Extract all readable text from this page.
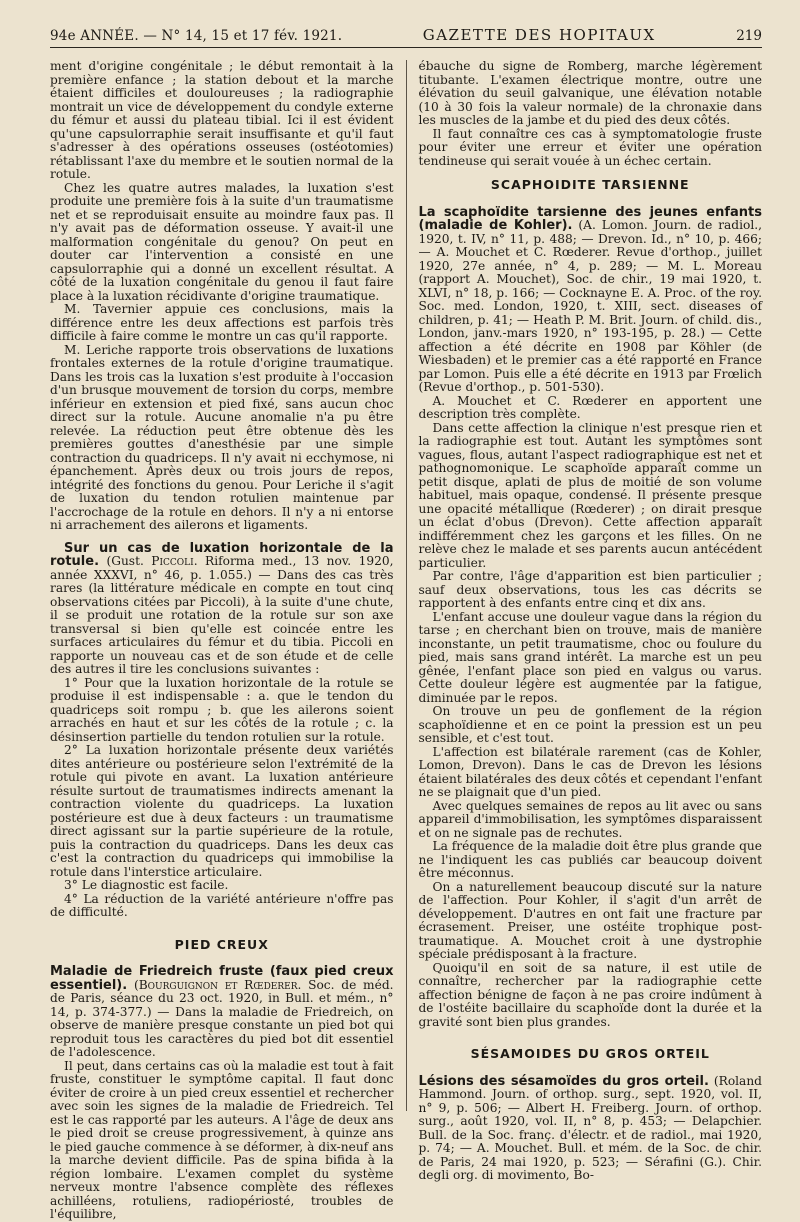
94e ANNÉE. — N° 14, 15 et 17 fév. 1921.	GAZETTE DES HOPITAUX	219

ment d'origine congénitale ; le début remontait à la première enfance ; la station debout et la marche étaient difficiles et douloureuses ; la radiographie montrait un vice de développement du condyle externe du fémur et aussi du plateau tibial. Ici il est évident qu'une capsulorraphie serait insuffisante et qu'il faut s'adresser à des opérations osseuses (ostéotomies) rétablissant l'axe du membre et le soutien normal de la rotule.

Chez les quatre autres malades, la luxation s'est produite une première fois à la suite d'un traumatisme net et se reproduisait ensuite au moindre faux pas. Il n'y avait pas de déformation osseuse. Y avait-il une malformation congénitale du genou? On peut en douter car l'intervention a consisté en une capsulorraphie qui a donné un excellent résultat. A côté de la luxation congénitale du genou il faut faire place à la luxation récidivante d'origine traumatique.

M. Tavernier appuie ces conclusions, mais la différence entre les deux affections est parfois très difficile à faire comme le montre un cas qu'il rapporte.

M. Leriche rapporte trois observations de luxations frontales externes de la rotule d'origine traumatique. Dans les trois cas la luxation s'est produite à l'occasion d'un brusque mouvement de torsion du corps, membre inférieur en extension et pied fixé, sans aucun choc direct sur la rotule. Aucune anomalie n'a pu être relevée. La réduction peut être obtenue dès les premières gouttes d'anesthésie par une simple contraction du quadriceps. Il n'y avait ni ecchymose, ni épanchement. Après deux ou trois jours de repos, intégrité des fonctions du genou. Pour Leriche il s'agit de luxation du tendon rotulien maintenue par l'accrochage de la rotule en dehors. Il n'y a ni entorse ni arrachement des ailerons et ligaments.

Sur un cas de luxation horizontale de la rotule. (Gust. Piccoli. Riforma med., 13 nov. 1920, année XXXVI, n° 46, p. 1.055.) — Dans des cas très rares (la littérature médicale en compte en tout cinq observations citées par Piccoli), à la suite d'une chute, il se produit une rotation de la rotule sur son axe transversal si bien qu'elle est coincée entre les surfaces articulaires du fémur et du tibia. Piccoli en rapporte un nouveau cas et de son étude et de celle des autres il tire les conclusions suivantes :

1° Pour que la luxation horizontale de la rotule se produise il est indispensable : a. que le tendon du quadriceps soit rompu ; b. que les ailerons soient arrachés en haut et sur les côtés de la rotule ; c. la désinsertion partielle du tendon rotulien sur la rotule.

2° La luxation horizontale présente deux variétés dites antérieure ou postérieure selon l'extrémité de la rotule qui pivote en avant. La luxation antérieure résulte surtout de traumatismes indirects amenant la contraction violente du quadriceps. La luxation postérieure est due à deux facteurs : un traumatisme direct agissant sur la partie supérieure de la rotule, puis la contraction du quadriceps. Dans les deux cas c'est la contraction du quadriceps qui immobilise la rotule dans l'interstice articulaire.

3° Le diagnostic est facile.

4° La réduction de la variété antérieure n'offre pas de difficulté.

PIED CREUX

Maladie de Friedreich fruste (faux pied creux essentiel). (Bourguignon et Rœderer. Soc. de méd. de Paris, séance du 23 oct. 1920, in Bull. et mém., n° 14, p. 374-377.) — Dans la maladie de Friedreich, on observe de manière presque constante un pied bot qui reproduit tous les caractères du pied bot dit essentiel de l'adolescence.

Il peut, dans certains cas où la maladie est tout à fait fruste, constituer le symptôme capital. Il faut donc éviter de croire à un pied creux essentiel et rechercher avec soin les signes de la maladie de Friedreich. Tel est le cas rapporté par les auteurs. A l'âge de deux ans le pied droit se creuse progressivement, à quinze ans le pied gauche commence à se déformer, à dix-neuf ans la marche devient difficile. Pas de spina bifida à la région lombaire. L'examen complet du système nerveux montre l'absence complète des réflexes achilléens, rotuliens, radiopériosté, troubles de l'équilibre,

ébauche du signe de Romberg, marche légèrement titubante. L'examen électrique montre, outre une élévation du seuil galvanique, une élévation notable (10 à 30 fois la valeur normale) de la chronaxie dans les muscles de la jambe et du pied des deux côtés.

Il faut connaître ces cas à symptomatologie fruste pour éviter une erreur et éviter une opération tendineuse qui serait vouée à un échec certain.

SCAPHOIDITE TARSIENNE

La scaphoïdite tarsienne des jeunes enfants (maladie de Kohler). (A. Lomon. Journ. de radiol., 1920, t. IV, n° 11, p. 488; — Drevon. Id., n° 10, p. 466; — A. Mouchet et C. Rœderer. Revue d'orthop., juillet 1920, 27e année, n° 4, p. 289; — M. L. Moreau (rapport A. Mouchet), Soc. de chir., 19 mai 1920, t. XLVI, n° 18, p. 166; — Cocknayne E. A. Proc. of the roy. Soc. med. London, 1920, t. XIII, sect. diseases of children, p. 41; — Heath P. M. Brit. Journ. of child. dis., London, janv.-mars 1920, n° 193-195, p. 28.) — Cette affection a été décrite en 1908 par Köhler (de Wiesbaden) et le premier cas a été rapporté en France par Lomon. Puis elle a été décrite en 1913 par Frœlich (Revue d'orthop., p. 501-530).

A. Mouchet et C. Rœderer en apportent une description très complète.

Dans cette affection la clinique n'est presque rien et la radiographie est tout. Autant les symptômes sont vagues, flous, autant l'aspect radiographique est net et pathognomonique. Le scaphoïde apparaît comme un petit disque, aplati de plus de moitié de son volume habituel, mais opaque, condensé. Il présente presque une opacité métallique (Rœderer) ; on dirait presque un éclat d'obus (Drevon). Cette affection apparaît indifféremment chez les garçons et les filles. On ne relève chez le malade et ses parents aucun antécédent particulier.

Par contre, l'âge d'apparition est bien particulier ; sauf deux observations, tous les cas décrits se rapportent à des enfants entre cinq et dix ans.

L'enfant accuse une douleur vague dans la région du tarse ; en cherchant bien on trouve, mais de manière inconstante, un petit traumatisme, choc ou foulure du pied, mais sans grand intérêt. La marche est un peu gênée, l'enfant place son pied en valgus ou varus. Cette douleur légère est augmentée par la fatigue, diminuée par le repos.

On trouve un peu de gonflement de la région scaphoïdienne et en ce point la pression est un peu sensible, et c'est tout.

L'affection est bilatérale rarement (cas de Kohler, Lomon, Drevon). Dans le cas de Drevon les lésions étaient bilatérales des deux côtés et cependant l'enfant ne se plaignait que d'un pied.

Avec quelques semaines de repos au lit avec ou sans appareil d'immobilisation, les symptômes disparaissent et on ne signale pas de rechutes.

La fréquence de la maladie doit être plus grande que ne l'indiquent les cas publiés car beaucoup doivent être méconnus.

On a naturellement beaucoup discuté sur la nature de l'affection. Pour Kohler, il s'agit d'un arrêt de développement. D'autres en ont fait une fracture par écrasement. Preiser, une ostéite trophique post-traumatique. A. Mouchet croit à une dystrophie spéciale prédisposant à la fracture.

Quoiqu'il en soit de sa nature, il est utile de connaître, rechercher par la radiographie cette affection bénigne de façon à ne pas croire indûment à de l'ostéite bacillaire du scaphoïde dont la durée et la gravité sont bien plus grandes.

SÉSAMOIDES DU GROS ORTEIL

Lésions des sésamoïdes du gros orteil. (Roland Hammond. Journ. of orthop. surg., sept. 1920, vol. II, n° 9, p. 506; — Albert H. Freiberg. Journ. of orthop. surg., août 1920, vol. II, n° 8, p. 453; — Delapchier. Bull. de la Soc. franç. d'électr. et de radiol., mai 1920, p. 74; — A. Mouchet. Bull. et mém. de la Soc. de chir. de Paris, 24 mai 1920, p. 523; — Sérafini (G.). Chir. degli org. di movimento, Bo-
